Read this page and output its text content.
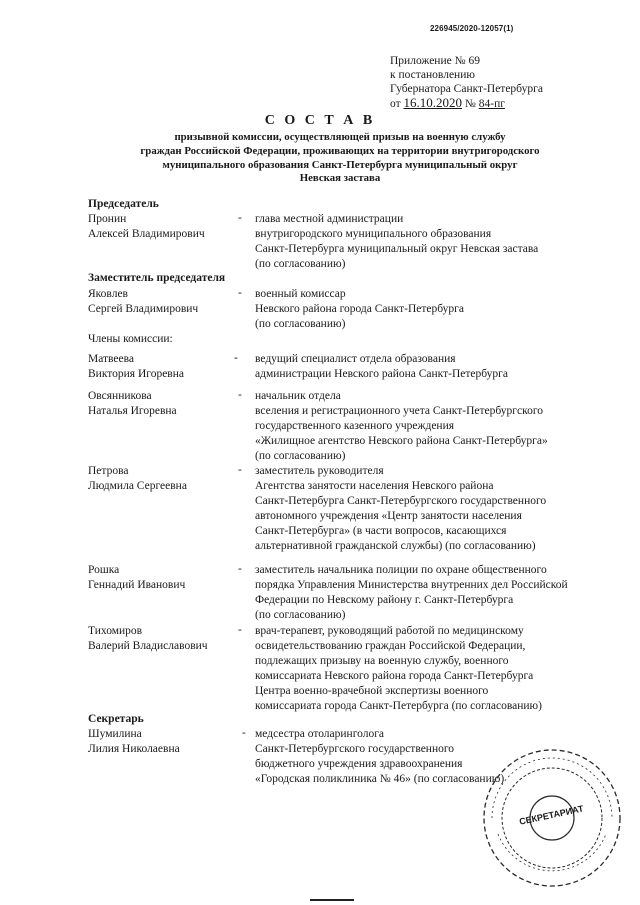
226945/2020-12057(1)
Приложение № 69
к постановлению
Губернатора Санкт-Петербурга
от 16.10.2020 № 84-пг
С О С Т А В
призывной комиссии, осуществляющей призыв на военную службу
граждан Российской Федерации, проживающих на территории внутригородского
муниципального образования Санкт-Петербурга муниципальный округ
Невская застава
Председатель
Пронин
Алексей Владимирович
- глава местной администрации
внутригородского муниципального образования
Санкт-Петербурга муниципальный округ Невская застава
(по согласованию)
Заместитель председателя
Яковлев
Сергей Владимирович
- военный комиссар
Невского района города Санкт-Петербурга
(по согласованию)
Члены комиссии:
Матвеева
Виктория Игоревна
- ведущий специалист отдела образования
администрации Невского района Санкт-Петербурга
Овсянникова
Наталья Игоревна
- начальник отдела
вселения и регистрационного учета Санкт-Петербургского
государственного казенного учреждения
«Жилищное агентство Невского района Санкт-Петербурга»
(по согласованию)
Петрова
Людмила Сергеевна
- заместитель руководителя
Агентства занятости населения Невского района
Санкт-Петербурга Санкт-Петербургского государственного
автономного учреждения «Центр занятости населения
Санкт-Петербурга» (в части вопросов, касающихся
альтернативной гражданской службы) (по согласованию)
Рошка
Геннадий Иванович
- заместитель начальника полиции по охране общественного
порядка Управления Министерства внутренних дел Российской
Федерации по Невскому району г. Санкт-Петербурга
(по согласованию)
Тихомиров
Валерий Владиславович
- врач-терапевт, руководящий работой по медицинскому
освидетельствованию граждан Российской Федерации,
подлежащих призыву на военную службу, военного
комиссариата Невского района города Санкт-Петербурга
Центра военно-врачебной экспертизы военного
комиссариата города Санкт-Петербурга (по согласованию)
Секретарь
Шумилина
Лилия Николаевна
- медсестра отоларинголога
Санкт-Петербургского государственного
бюджетного учреждения здравоохранения
«Городская поликлиника № 46» (по согласованию)
СЕКРЕТАРИАТ
